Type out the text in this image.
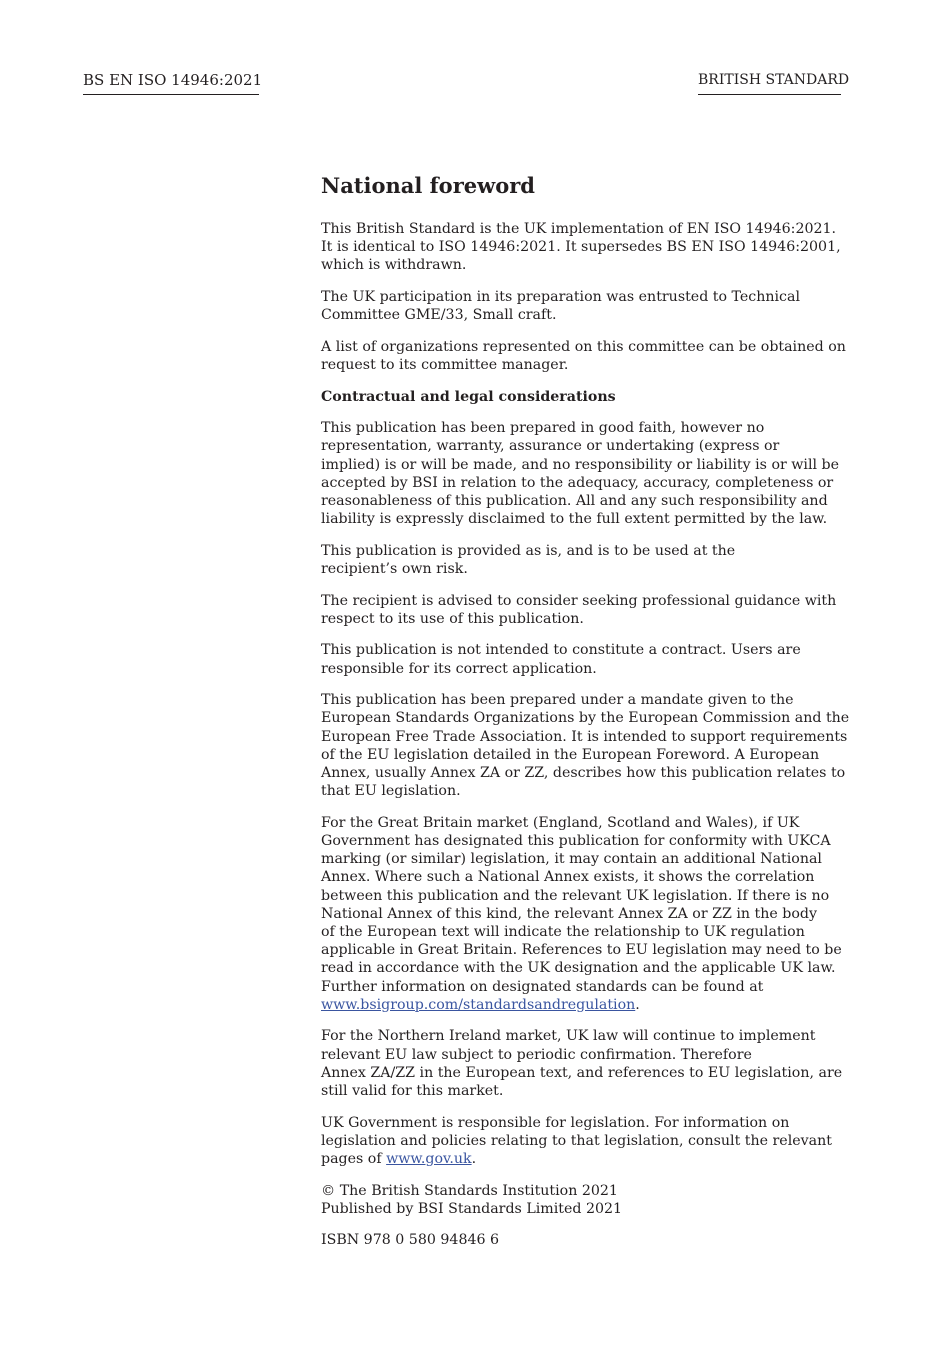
BS EN ISO 14946:2021	BRITISH STANDARD
National foreword
This British Standard is the UK implementation of EN ISO 14946:2021.
It is identical to ISO 14946:2021. It supersedes BS EN ISO 14946:2001,
which is withdrawn.
The UK participation in its preparation was entrusted to Technical
Committee GME/33, Small craft.
A list of organizations represented on this committee can be obtained on
request to its committee manager.
Contractual and legal considerations
This publication has been prepared in good faith, however no
representation, warranty, assurance or undertaking (express or
implied) is or will be made, and no responsibility or liability is or will be
accepted by BSI in relation to the adequacy, accuracy, completeness or
reasonableness of this publication. All and any such responsibility and
liability is expressly disclaimed to the full extent permitted by the law.
This publication is provided as is, and is to be used at the
recipient’s own risk.
The recipient is advised to consider seeking professional guidance with
respect to its use of this publication.
This publication is not intended to constitute a contract. Users are
responsible for its correct application.
This publication has been prepared under a mandate given to the
European Standards Organizations by the European Commission and the
European Free Trade Association. It is intended to support requirements
of the EU legislation detailed in the European Foreword. A European
Annex, usually Annex ZA or ZZ, describes how this publication relates to
that EU legislation.
For the Great Britain market (England, Scotland and Wales), if UK
Government has designated this publication for conformity with UKCA
marking (or similar) legislation, it may contain an additional National
Annex. Where such a National Annex exists, it shows the correlation
between this publication and the relevant UK legislation. If there is no
National Annex of this kind, the relevant Annex ZA or ZZ in the body
of the European text will indicate the relationship to UK regulation
applicable in Great Britain. References to EU legislation may need to be
read in accordance with the UK designation and the applicable UK law.
Further information on designated standards can be found at
www.bsigroup.com/standardsandregulation.
For the Northern Ireland market, UK law will continue to implement
relevant EU law subject to periodic confirmation. Therefore
Annex ZA/ZZ in the European text, and references to EU legislation, are
still valid for this market.
UK Government is responsible for legislation. For information on
legislation and policies relating to that legislation, consult the relevant
pages of www.gov.uk.
© The British Standards Institution 2021
Published by BSI Standards Limited 2021
ISBN 978 0 580 94846 6
